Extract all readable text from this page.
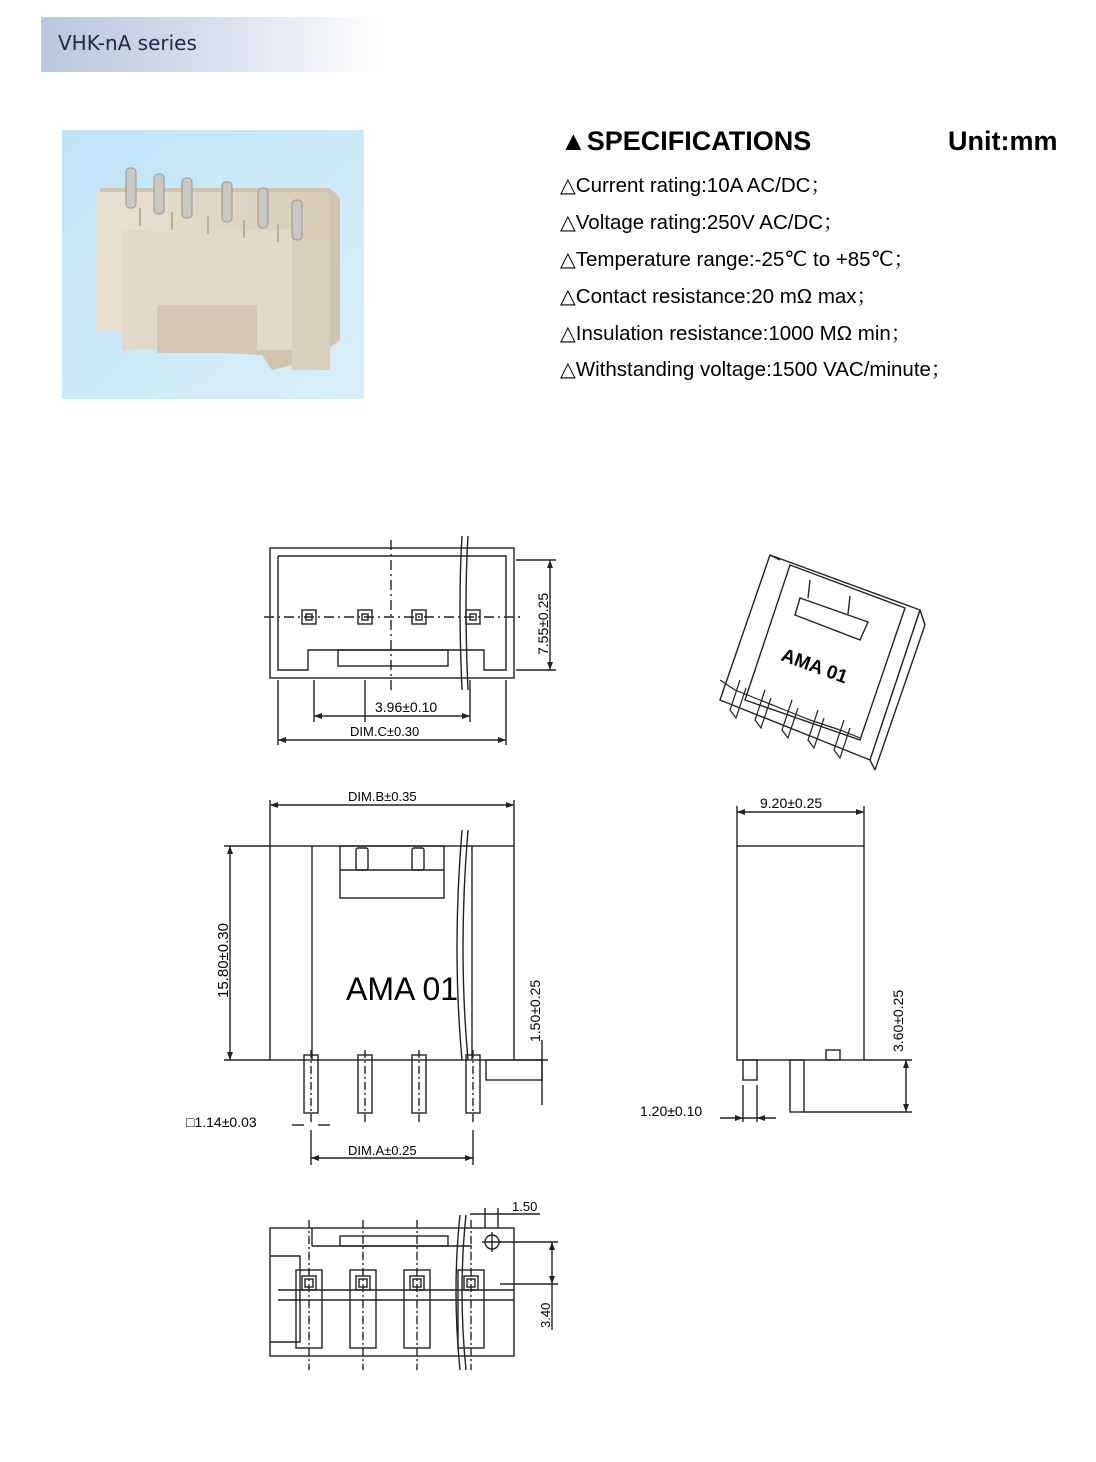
VHK-nA series
▲SPECIFICATIONS	Unit:mm
△Current rating:10A AC/DC；
△Voltage rating:250V AC/DC；
△Temperature range:-25℃ to +85℃；
△Contact resistance:20 mΩ max；
△Insulation resistance:1000 MΩ min；
△Withstanding voltage:1500 VAC/minute；
7.55±0.25
3.96±0.10
DIM.C±0.30
AMA 01
DIM.B±0.35
15.80±0.30	AMA 01	1.50±0.25
□1.14±0.03
DIM.A±0.25
9.20±0.25
3.60±0.25
1.20±0.10
1.50
3.40
